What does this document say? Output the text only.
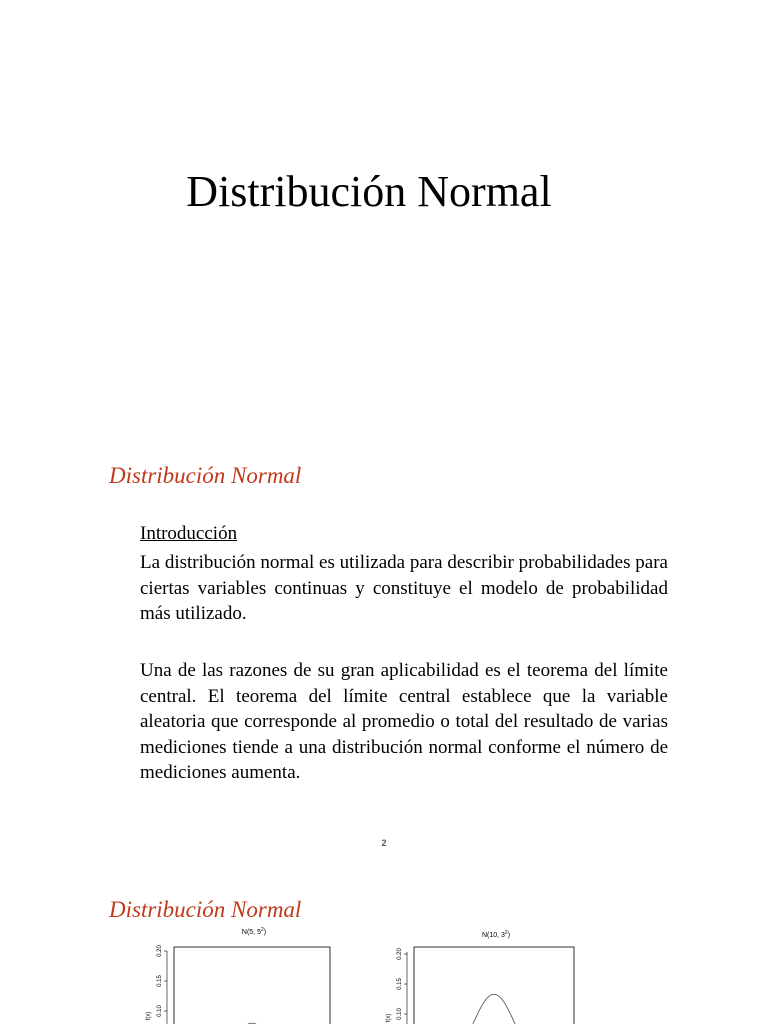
Distribución Normal
Distribución Normal
Introducción
La distribución normal es utilizada para describir probabilidades para ciertas variables continuas y constituye el modelo de probabilidad más utilizado.
Una de las razones de su gran aplicabilidad es el teorema del límite central. El teorema del límite central establece que la variable aleatoria que corresponde al promedio o total del resultado de varias mediciones tiende a una distribución normal conforme el número de mediciones aumenta.
2
Distribución Normal
N(5, $5^2$)
0.20
0.15
0.10
f(x)
N(10, $3^2$)
0.20
0.15
0.10
f(x)
